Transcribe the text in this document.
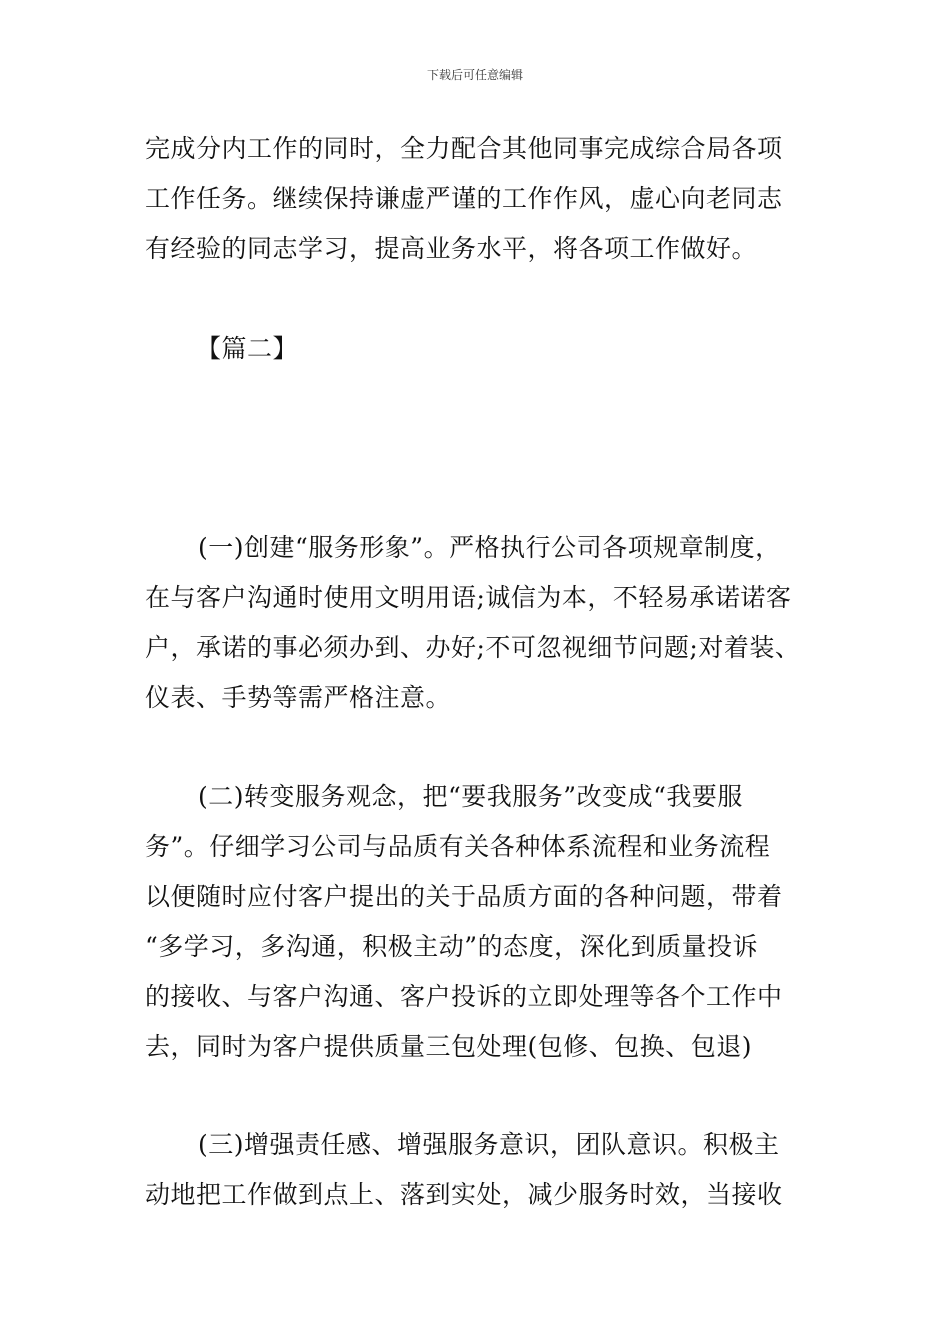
下载后可任意编辑
完成分内工作的同时，全力配合其他同事完成综合局各项
工作任务。继续保持谦虚严谨的工作作风，虚心向老同志
有经验的同志学习，提高业务水平，将各项工作做好。
【篇二】
(一)创建“服务形象”。严格执行公司各项规章制度，
在与客户沟通时使用文明用语;诚信为本，不轻易承诺诺客
户，承诺的事必须办到、办好;不可忽视细节问题;对着装、
仪表、手势等需严格注意。
(二)转变服务观念，把“要我服务”改变成“我要服
务”。仔细学习公司与品质有关各种体系流程和业务流程
以便随时应付客户提出的关于品质方面的各种问题，带着
“多学习，多沟通，积极主动”的态度，深化到质量投诉
的接收、与客户沟通、客户投诉的立即处理等各个工作中
去，同时为客户提供质量三包处理(包修、包换、包退)
(三)增强责任感、增强服务意识，团队意识。积极主
动地把工作做到点上、落到实处，减少服务时效，当接收
